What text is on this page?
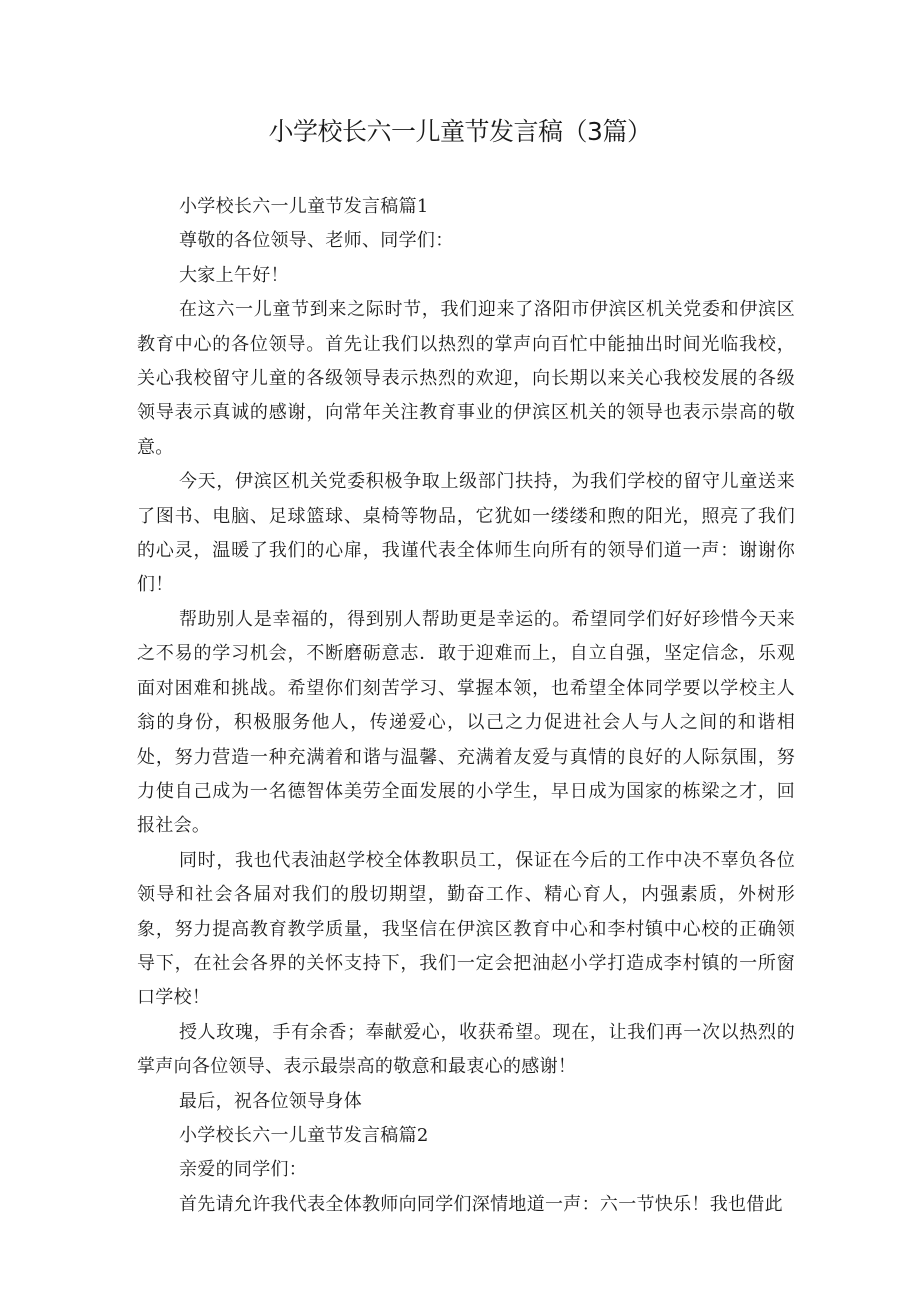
小学校长六一儿童节发言稿（3篇）

小学校长六一儿童节发言稿篇1

尊敬的各位领导、老师、同学们：

大家上午好！

在这六一儿童节到来之际时节，我们迎来了洛阳市伊滨区机关党委和伊滨区教育中心的各位领导。首先让我们以热烈的掌声向百忙中能抽出时间光临我校，关心我校留守儿童的各级领导表示热烈的欢迎，向长期以来关心我校发展的各级领导表示真诚的感谢，向常年关注教育事业的伊滨区机关的领导也表示崇高的敬意。

今天，伊滨区机关党委积极争取上级部门扶持，为我们学校的留守儿童送来了图书、电脑、足球篮球、桌椅等物品，它犹如一缕缕和煦的阳光，照亮了我们的心灵，温暖了我们的心扉，我谨代表全体师生向所有的领导们道一声：谢谢你们！

帮助别人是幸福的，得到别人帮助更是幸运的。希望同学们好好珍惜今天来之不易的学习机会，不断磨砺意志．敢于迎难而上，自立自强，坚定信念，乐观面对困难和挑战。希望你们刻苦学习、掌握本领，也希望全体同学要以学校主人翁的身份，积极服务他人，传递爱心，以己之力促进社会人与人之间的和谐相处，努力营造一种充满着和谐与温馨、充满着友爱与真情的良好的人际氛围，努力使自己成为一名德智体美劳全面发展的小学生，早日成为国家的栋梁之才，回报社会。

同时，我也代表油赵学校全体教职员工，保证在今后的工作中决不辜负各位领导和社会各届对我们的殷切期望，勤奋工作、精心育人，内强素质，外树形象，努力提高教育教学质量，我坚信在伊滨区教育中心和李村镇中心校的正确领导下，在社会各界的关怀支持下，我们一定会把油赵小学打造成李村镇的一所窗口学校！

授人玫瑰，手有余香；奉献爱心，收获希望。现在，让我们再一次以热烈的掌声向各位领导、表示最崇高的敬意和最衷心的感谢！

最后，祝各位领导身体

小学校长六一儿童节发言稿篇2

亲爱的同学们：

首先请允许我代表全体教师向同学们深情地道一声：六一节快乐！我也借此
